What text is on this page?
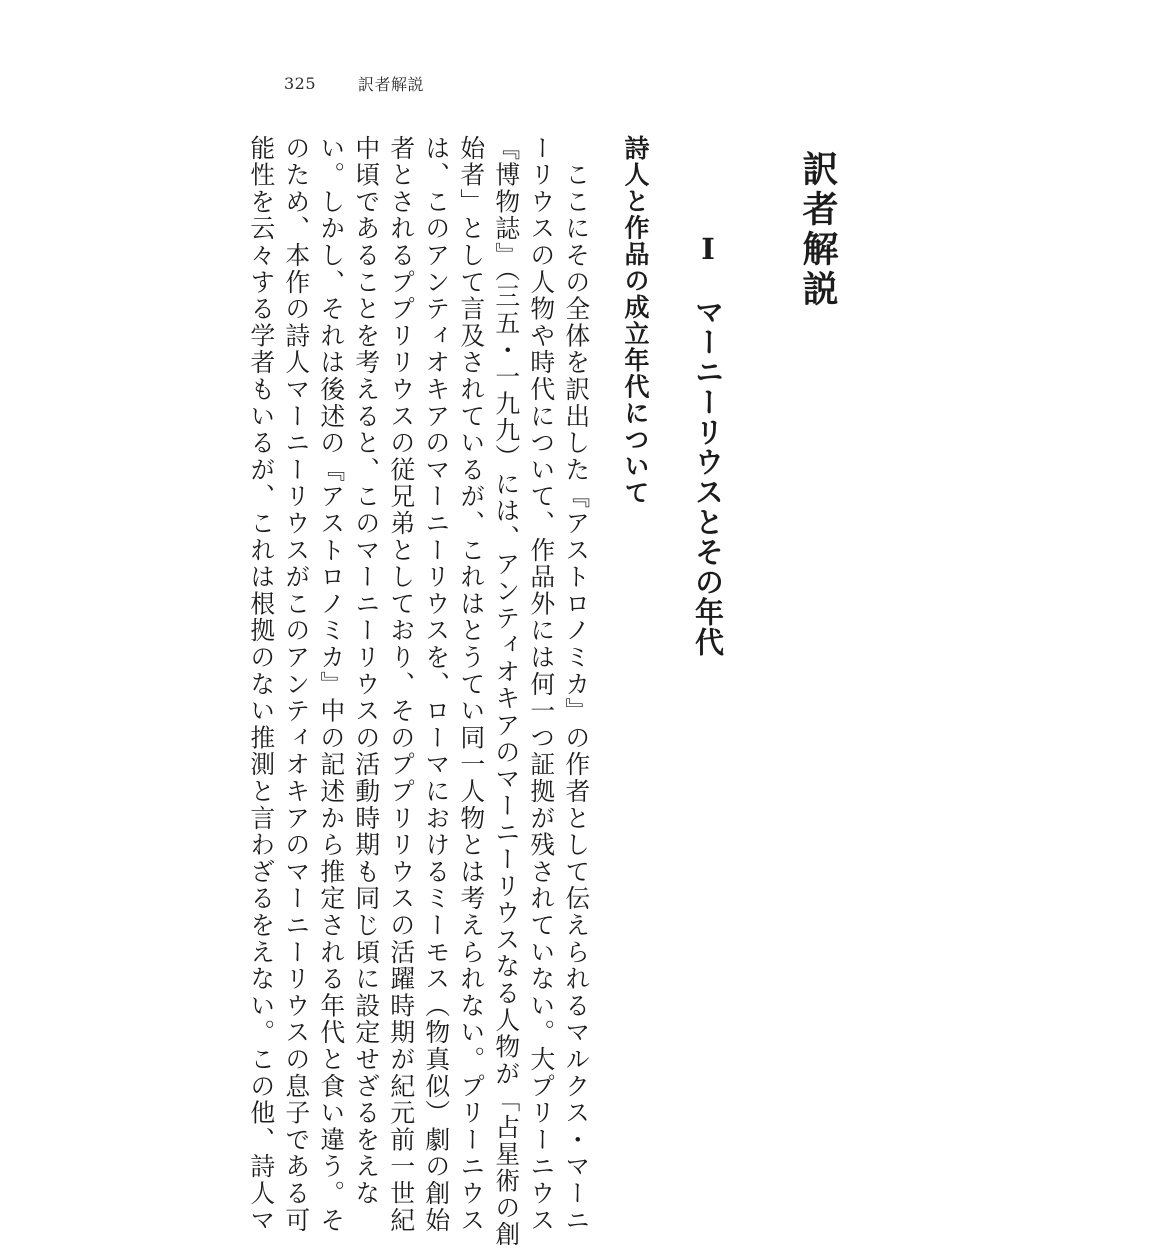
325	訳者解説
訳者解説
Ⅰ　マーニーリウスとその年代
詩人と作品の成立年代について
　ここにその全体を訳出した『アストロノミカ』の作者として伝えられるマルクス・マーニ
ーリウスの人物や時代について、作品外には何一つ証拠が残されていない。大プリーニウス
『博物誌』（三五・一九九）には、アンティオキアのマーニーリウスなる人物が「占星術の創
始者」として言及されているが、これはとうてい同一人物とは考えられない。プリーニウス
は、このアンティオキアのマーニーリウスを、ローマにおけるミーモス（物真似）劇の創始
者とされるププリリウスの従兄弟としており、そのププリリウスの活躍時期が紀元前一世紀
中頃であることを考えると、このマーニーリウスの活動時期も同じ頃に設定せざるをえな
い。しかし、それは後述の『アストロノミカ』中の記述から推定される年代と食い違う。そ
のため、本作の詩人マーニーリウスがこのアンティオキアのマーニーリウスの息子である可
能性を云々する学者もいるが、これは根拠のない推測と言わざるをえない。この他、詩人マ
